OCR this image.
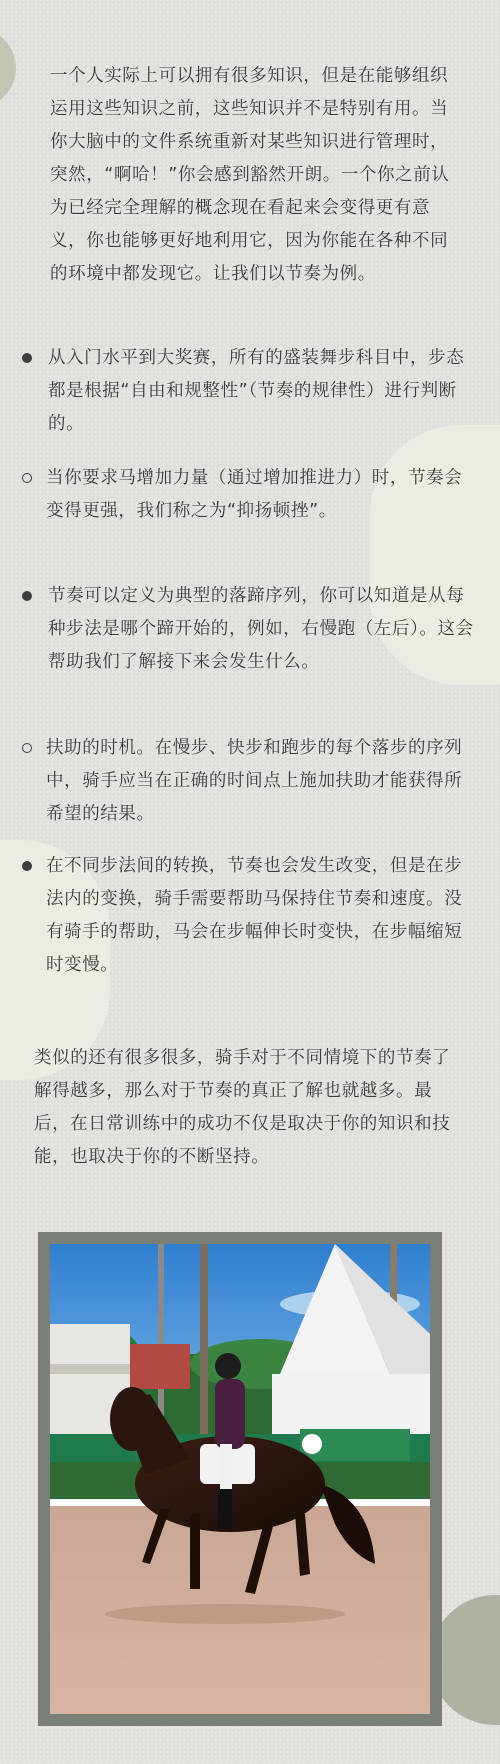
一个人实际上可以拥有很多知识，但是在能够组织运用这些知识之前，这些知识并不是特别有用。当你大脑中的文件系统重新对某些知识进行管理时，突然，“啊哈！”你会感到豁然开朗。一个你之前认为已经完全理解的概念现在看起来会变得更有意义，你也能够更好地利用它，因为你能在各种不同的环境中都发现它。让我们以节奏为例。

从入门水平到大奖赛，所有的盛装舞步科目中，步态都是根据“自由和规整性”（节奏的规律性）进行判断的。
当你要求马增加力量（通过增加推进力）时，节奏会变得更强，我们称之为“抑扬顿挫”。
节奏可以定义为典型的落蹄序列，你可以知道是从每种步法是哪个蹄开始的，例如，右慢跑（左后）。这会帮助我们了解接下来会发生什么。
扶助的时机。在慢步、快步和跑步的每个落步的序列中，骑手应当在正确的时间点上施加扶助才能获得所希望的结果。
在不同步法间的转换，节奏也会发生改变，但是在步法内的变换，骑手需要帮助马保持住节奏和速度。没有骑手的帮助，马会在步幅伸长时变快，在步幅缩短时变慢。

类似的还有很多很多，骑手对于不同情境下的节奏了解得越多，那么对于节奏的真正了解也就越多。最后，在日常训练中的成功不仅是取决于你的知识和技能，也取决于你的不断坚持。
